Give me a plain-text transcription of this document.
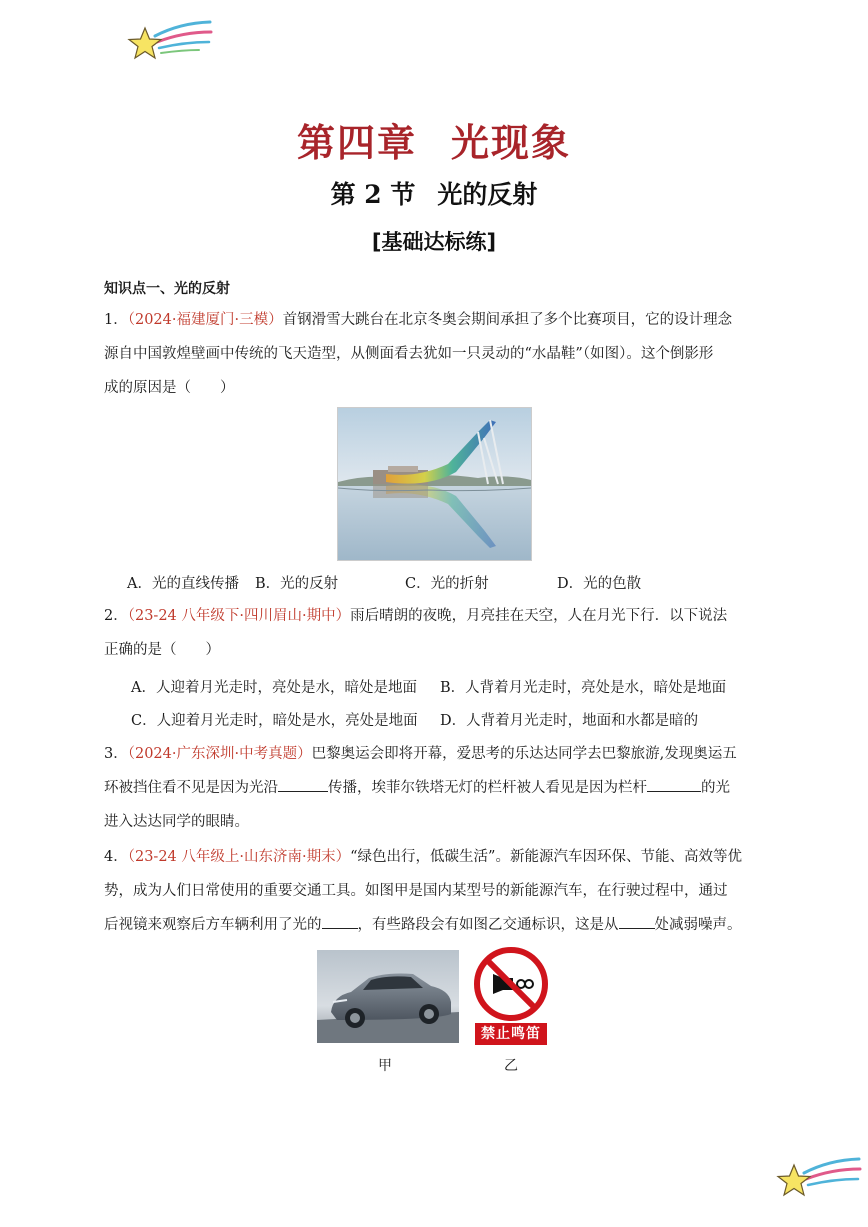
第四章 光现象
第 2 节 光的反射
[基础达标练]
知识点一、光的反射
1．（2024·福建厦门·三模）首钢滑雪大跳台在北京冬奥会期间承担了多个比赛项目，它的设计理念
源自中国敦煌壁画中传统的飞天造型，从侧面看去犹如一只灵动的“水晶鞋”（如图）。这个倒影形
成的原因是（　　）
A．光的直线传播 B．光的反射	C．光的折射	D．光的色散
2．（23-24 八年级下·四川眉山·期中）雨后晴朗的夜晚，月亮挂在天空，人在月光下行．以下说法
正确的是（　　）
A．人迎着月光走时，亮处是水，暗处是地面 B．人背着月光走时，亮处是水，暗处是地面
C．人迎着月光走时，暗处是水，亮处是地面 D．人背着月光走时，地面和水都是暗的
3．（2024·广东深圳·中考真题）巴黎奥运会即将开幕，爱思考的乐达达同学去巴黎旅游,发现奥运五
环被挡住看不见是因为光沿	传播，埃菲尔铁塔无灯的栏杆被人看见是因为栏杆	的光
进入达达同学的眼睛。
4．（23-24 八年级上·山东济南·期末）“绿色出行，低碳生活”。新能源汽车因环保、节能、高效等优
势，成为人们日常使用的重要交通工具。如图甲是国内某型号的新能源汽车，在行驶过程中，通过
后视镜来观察后方车辆利用了光的 ，有些路段会有如图乙交通标识，这是从 处减弱噪声。
禁止鸣笛
甲	乙
